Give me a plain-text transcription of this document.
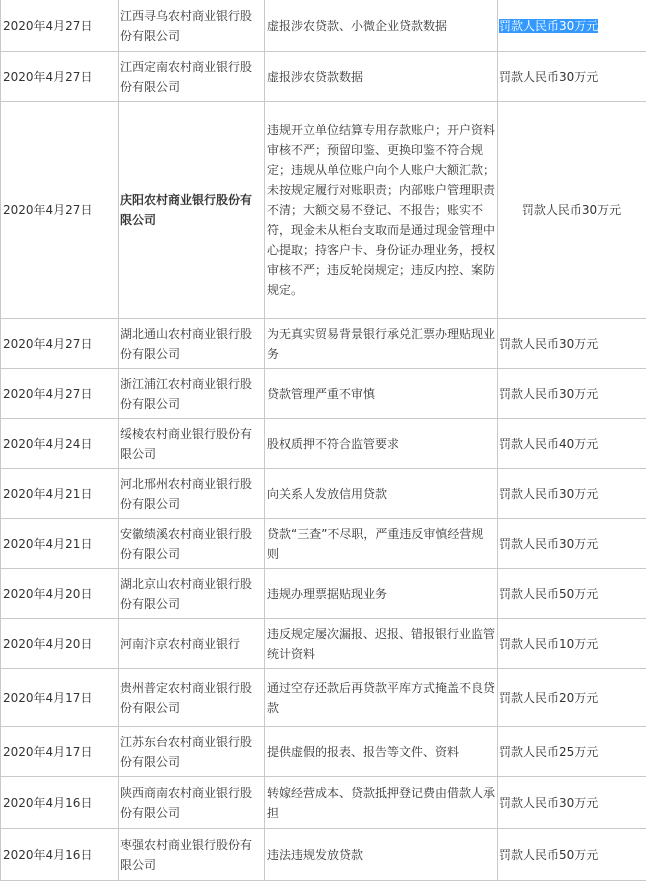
2020年4月27日	江西寻乌农村商业银行股份有限公司	虚报涉农贷款、小微企业贷款数据	罚款人民币30万元
2020年4月27日	江西定南农村商业银行股份有限公司	虚报涉农贷款数据	罚款人民币30万元
2020年4月27日	庆阳农村商业银行股份有限公司	违规开立单位结算专用存款账户；开户资料审核不严；预留印鉴、更换印鉴不符合规定；违规从单位账户向个人账户大额汇款；未按规定履行对账职责；内部账户管理职责不清；大额交易不登记、不报告；账实不符，现金未从柜台支取而是通过现金管理中心提取；持客户卡、身份证办理业务，授权审核不严；违反轮岗规定；违反内控、案防规定。	罚款人民币30万元
2020年4月27日	湖北通山农村商业银行股份有限公司	为无真实贸易背景银行承兑汇票办理贴现业务	罚款人民币30万元
2020年4月27日	浙江浦江农村商业银行股份有限公司	贷款管理严重不审慎	罚款人民币30万元
2020年4月24日	绥棱农村商业银行股份有限公司	股权质押不符合监管要求	罚款人民币40万元
2020年4月21日	河北邢州农村商业银行股份有限公司	向关系人发放信用贷款	罚款人民币30万元
2020年4月21日	安徽绩溪农村商业银行股份有限公司	贷款“三查”不尽职，严重违反审慎经营规则	罚款人民币30万元
2020年4月20日	湖北京山农村商业银行股份有限公司	违规办理票据贴现业务	罚款人民币50万元
2020年4月20日	河南汴京农村商业银行	违反规定屡次漏报、迟报、错报银行业监管统计资料	罚款人民币10万元
2020年4月17日	贵州普定农村商业银行股份有限公司	通过空存还款后再贷款平库方式掩盖不良贷款	罚款人民币20万元
2020年4月17日	江苏东台农村商业银行股份有限公司	提供虚假的报表、报告等文件、资料	罚款人民币25万元
2020年4月16日	陕西商南农村商业银行股份有限公司	转嫁经营成本、贷款抵押登记费由借款人承担	罚款人民币30万元
2020年4月16日	枣强农村商业银行股份有限公司	违法违规发放贷款	罚款人民币50万元
